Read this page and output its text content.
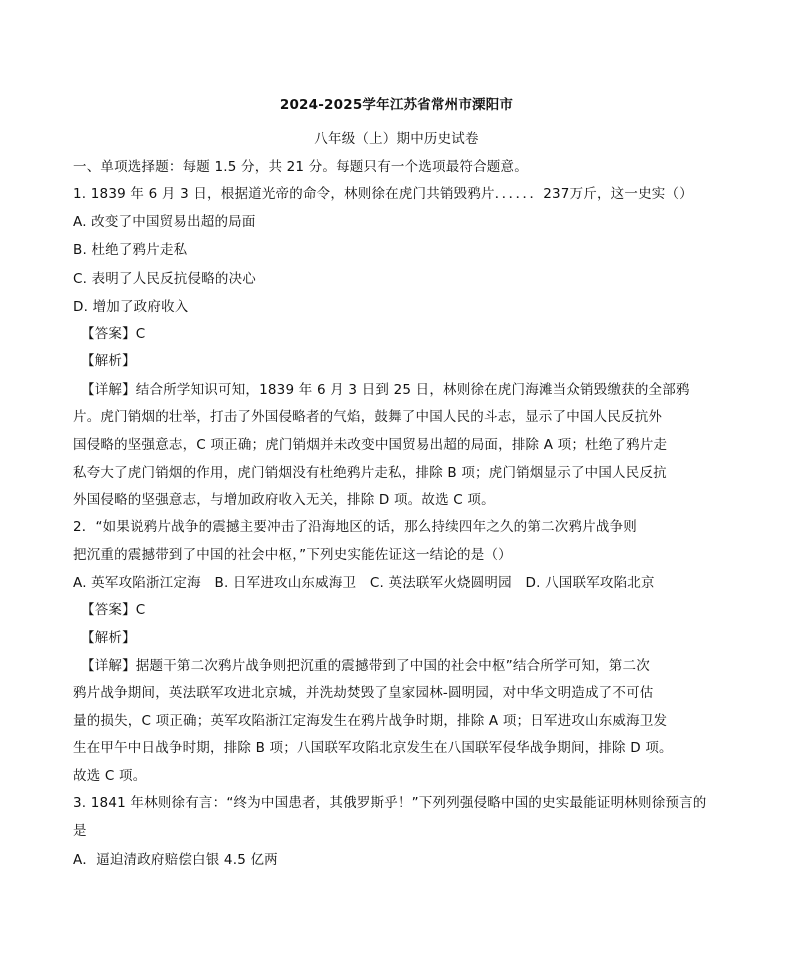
2024-2025学年江苏省常州市溧阳市
八年级（上）期中历史试卷
一、单项选择题：每题 1.5 分，共 21 分。每题只有一个选项最符合题意。
1. 1839 年 6 月 3 日，根据道光帝的命令，林则徐在虎门共销毁鸦片．．．．．．237万斤，这一史实（）
A. 改变了中国贸易出超的局面
B. 杜绝了鸦片走私
C. 表明了人民反抗侵略的决心
D. 增加了政府收入
【答案】C
【解析】
【详解】结合所学知识可知，1839 年 6 月 3 日到 25 日，林则徐在虎门海滩当众销毁缴获的全部鸦
片。虎门销烟的壮举，打击了外国侵略者的气焰，鼓舞了中国人民的斗志，显示了中国人民反抗外
国侵略的坚强意志，C 项正确；虎门销烟并未改变中国贸易出超的局面，排除 A 项；杜绝了鸦片走
私夸大了虎门销烟的作用，虎门销烟没有杜绝鸦片走私，排除 B 项；虎门销烟显示了中国人民反抗
外国侵略的坚强意志，与增加政府收入无关，排除 D 项。故选 C 项。
2．“如果说鸦片战争的震撼主要冲击了沿海地区的话，那么持续四年之久的第二次鸦片战争则
把沉重的震撼带到了中国的社会中枢，”下列史实能佐证这一结论的是（）
A. 英军攻陷浙江定海　B. 日军进攻山东威海卫　C. 英法联军火烧圆明园　D. 八国联军攻陷北京
【答案】C
【解析】
【详解】据题干第二次鸦片战争则把沉重的震撼带到了中国的社会中枢”结合所学可知，第二次
鸦片战争期间，英法联军攻进北京城，并洗劫焚毁了皇家园林-圆明园，对中华文明造成了不可估
量的损失，C 项正确；英军攻陷浙江定海发生在鸦片战争时期，排除 A 项；日军进攻山东威海卫发
生在甲午中日战争时期，排除 B 项；八国联军攻陷北京发生在八国联军侵华战争期间，排除 D 项。
故选 C 项。
3. 1841 年林则徐有言：“终为中国患者，其俄罗斯乎！”下列列强侵略中国的史实最能证明林则徐预言的
是
A．逼迫清政府赔偿白银 4.5 亿两
